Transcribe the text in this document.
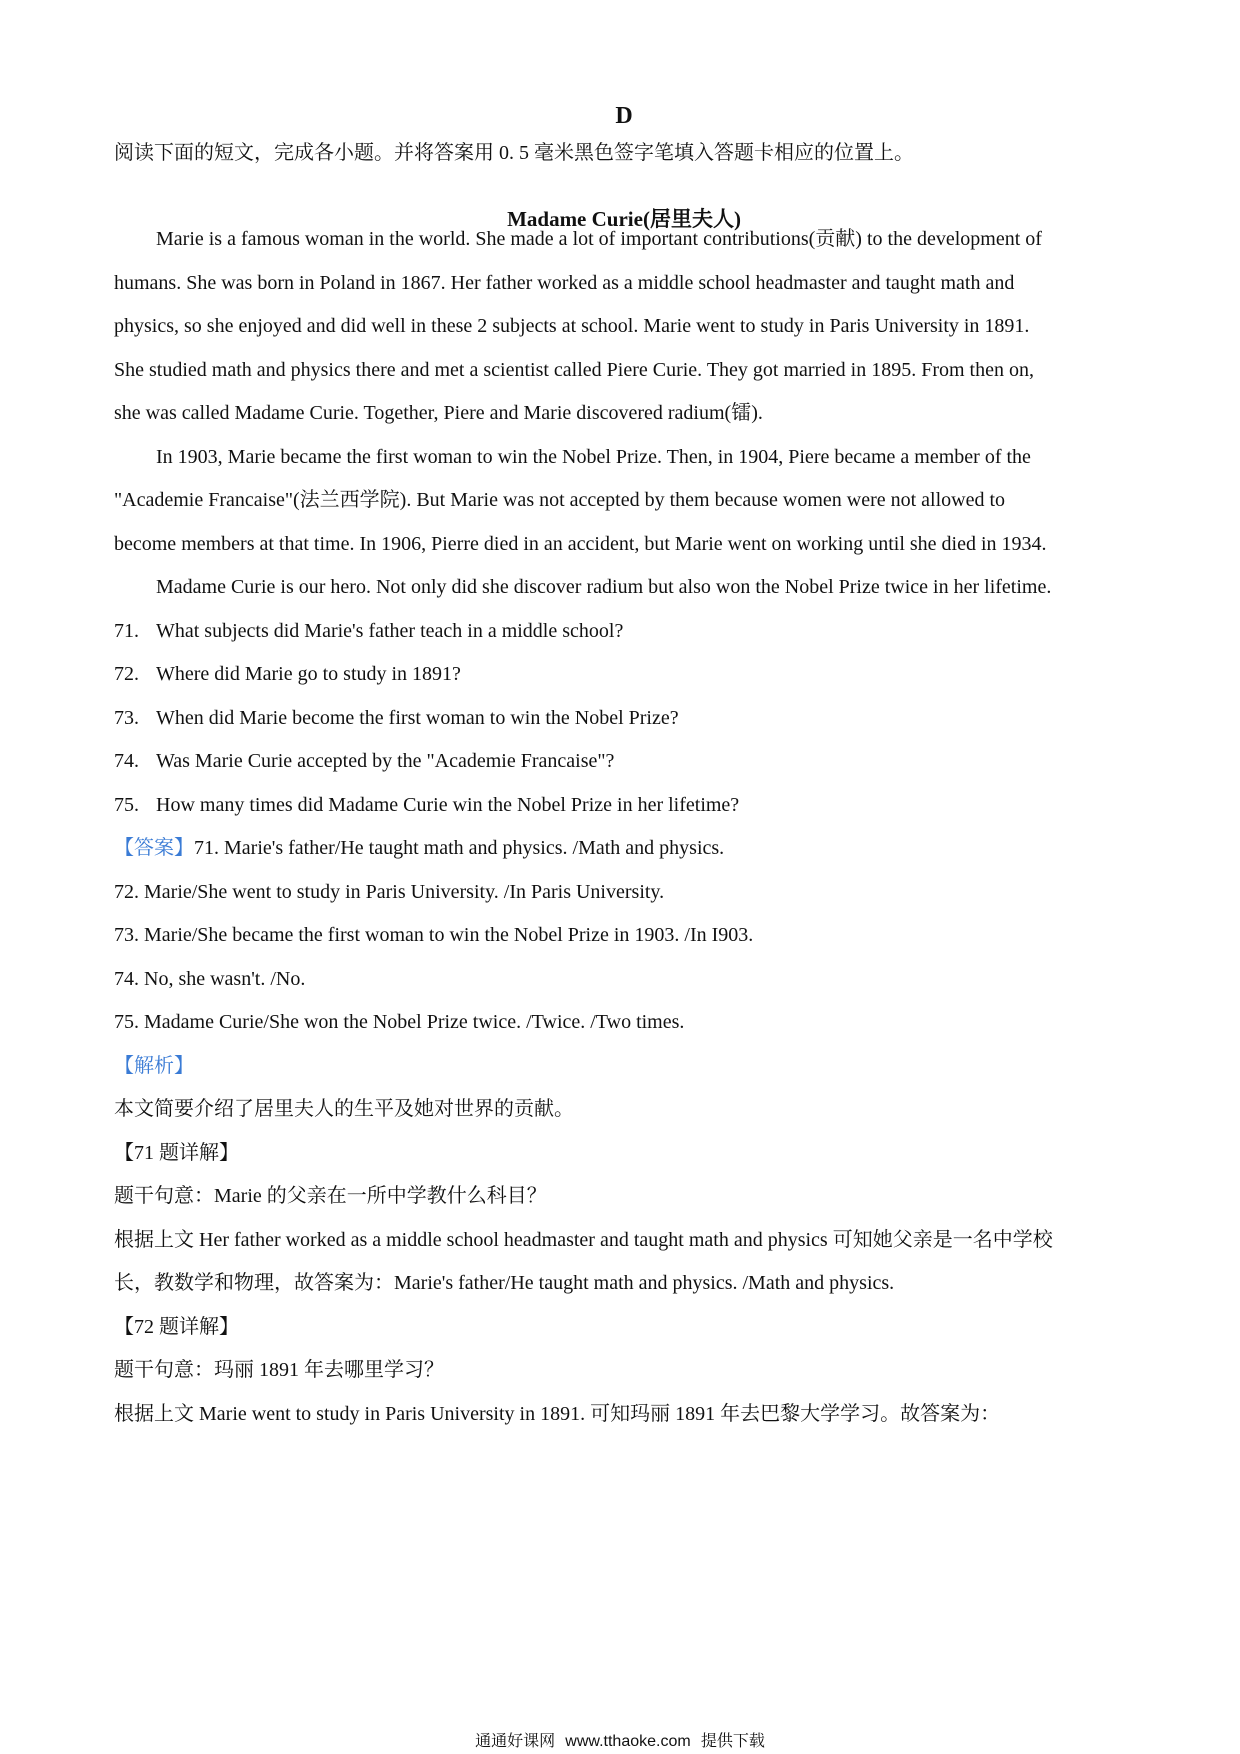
D
阅读下面的短文，完成各小题。并将答案用 0. 5 毫米黑色签字笔填入答题卡相应的位置上。
Madame Curie(居里夫人)
Marie is a famous woman in the world. She made a lot of important contributions(贡献) to the development of
humans. She was born in Poland in 1867. Her father worked as a middle school headmaster and taught math and
physics, so she enjoyed and did well in these 2 subjects at school. Marie went to study in Paris University in 1891.
She studied math and physics there and met a scientist called Piere Curie. They got married in 1895. From then on,
she was called Madame Curie. Together, Piere and Marie discovered radium(镭).
In 1903, Marie became the first woman to win the Nobel Prize. Then, in 1904, Piere became a member of the
"Academie Francaise"(法兰西学院). But Marie was not accepted by them because women were not allowed to
become members at that time. In 1906, Pierre died in an accident, but Marie went on working until she died in 1934.
Madame Curie is our hero. Not only did she discover radium but also won the Nobel Prize twice in her lifetime.
71. What subjects did Marie's father teach in a middle school?
72. Where did Marie go to study in 1891?
73. When did Marie become the first woman to win the Nobel Prize?
74. Was Marie Curie accepted by the "Academie Francaise"?
75. How many times did Madame Curie win the Nobel Prize in her lifetime?
【答案】71. Marie's father/He taught math and physics. /Math and physics.
72. Marie/She went to study in Paris University. /In Paris University.
73. Marie/She became the first woman to win the Nobel Prize in 1903. /In I903.
74. No, she wasn't. /No.
75. Madame Curie/She won the Nobel Prize twice. /Twice. /Two times.
【解析】
本文简要介绍了居里夫人的生平及她对世界的贡献。
【71 题详解】
题干句意：Marie 的父亲在一所中学教什么科目？
根据上文 Her father worked as a middle school headmaster and taught math and physics 可知她父亲是一名中学校
长，教数学和物理，故答案为：Marie's father/He taught math and physics. /Math and physics.
【72 题详解】
题干句意：玛丽 1891 年去哪里学习？
根据上文 Marie went to study in Paris University in 1891. 可知玛丽 1891 年去巴黎大学学习。故答案为：
通通好课网 www.tthaoke.com 提供下载
